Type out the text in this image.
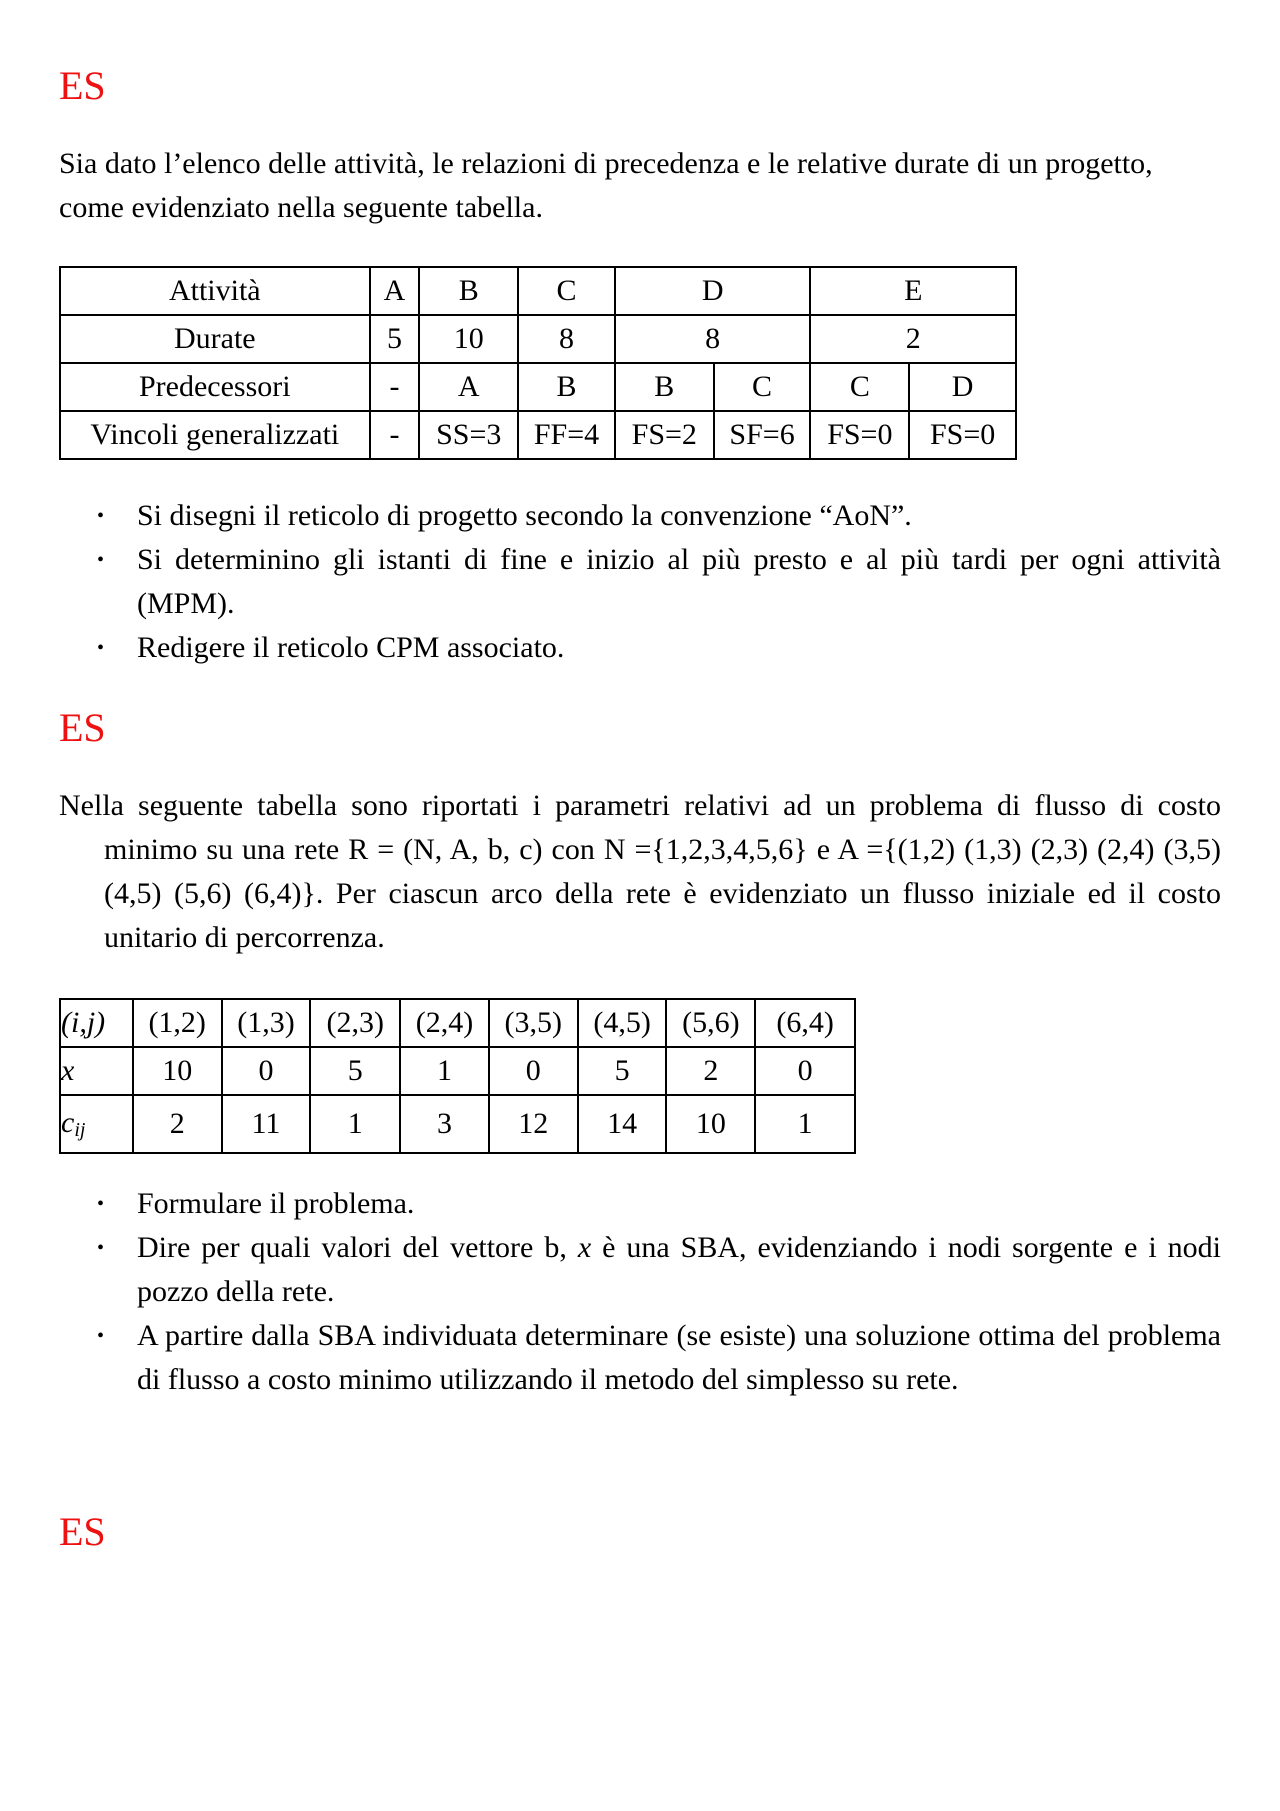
ES

Sia dato l’elenco delle attività, le relazioni di precedenza e le relative durate di un progetto, come evidenziato nella seguente tabella.

Attività	A	B	C	D		E	
Durate	5	10	8	8		2	
Predecessori	-	A	B	B	C	C	D
Vincoli generalizzati	-	SS=3	FF=4	FS=2	SF=6	FS=0	FS=0
• Si disegni il reticolo di progetto secondo la convenzione “AoN”.
• Si determinino gli istanti di fine e inizio al più presto e al più tardi per ogni attività (MPM).
• Redigere il reticolo CPM associato.
ES

Nella seguente tabella sono riportati i parametri relativi ad un problema di flusso di costo minimo su una rete R = (N, A, b, c) con N ={1,2,3,4,5,6} e A ={(1,2) (1,3) (2,3) (2,4) (3,5) (4,5) (5,6) (6,4)}. Per ciascun arco della rete è evidenziato un flusso iniziale ed il costo unitario di percorrenza.

(i,j)	(1,2)	(1,3)	(2,3)	(2,4)	(3,5)	(4,5)	(5,6)	(6,4)
x	10	0	5	1	0	5	2	0
$c_{ij}$	2	11	1	3	12	14	10	1
• Formulare il problema.
• Dire per quali valori del vettore b, x è una SBA, evidenziando i nodi sorgente e i nodi pozzo della rete.
• A partire dalla SBA individuata determinare (se esiste) una soluzione ottima del problema di flusso a costo minimo utilizzando il metodo del simplesso su rete.
ES
